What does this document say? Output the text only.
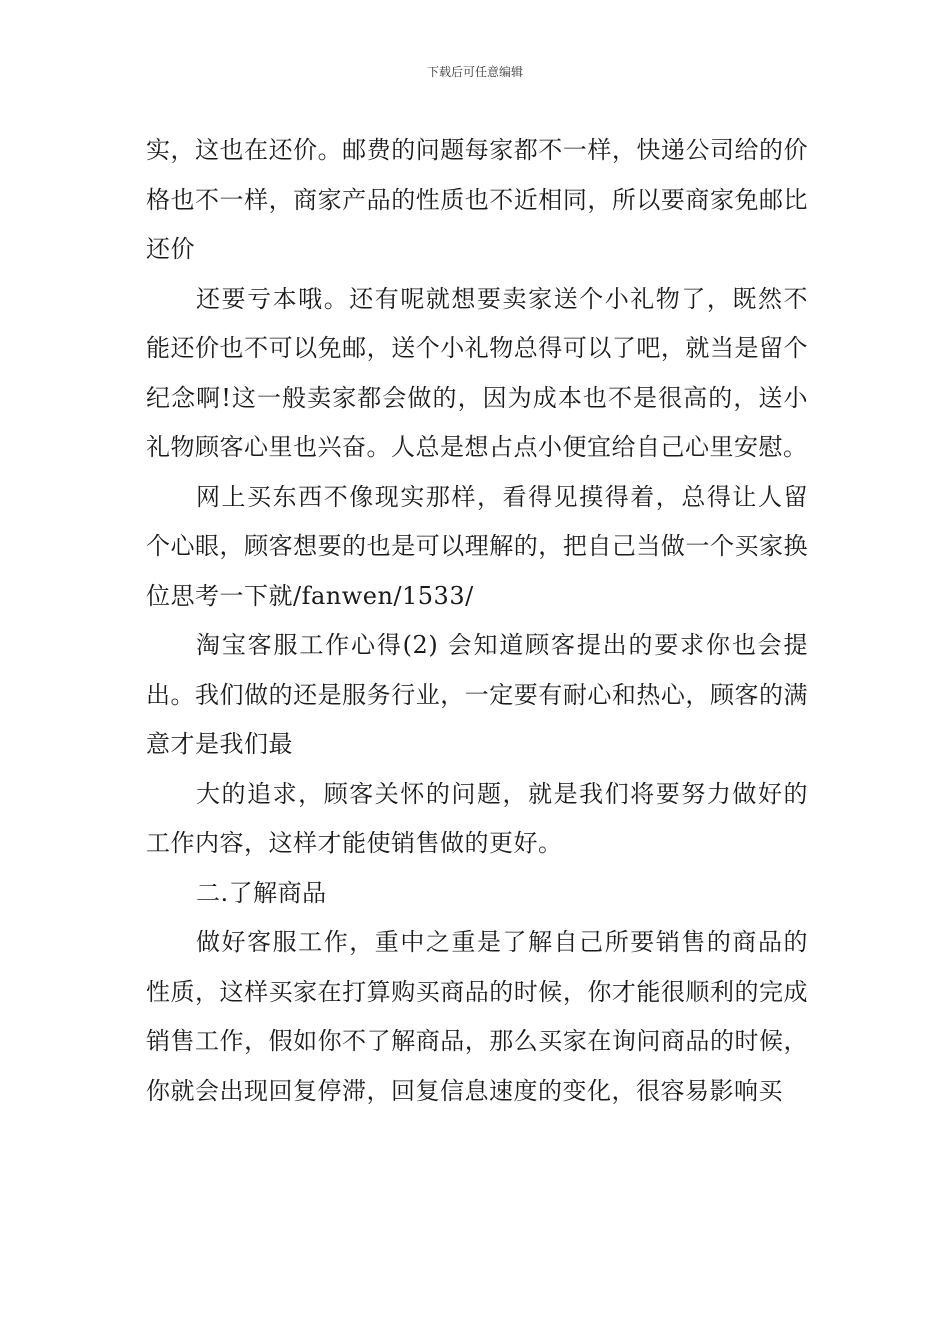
下载后可任意编辑

实，这也在还价。邮费的问题每家都不一样，快递公司给的价格也不一样，商家产品的性质也不近相同，所以要商家免邮比还价

还要亏本哦。还有呢就想要卖家送个小礼物了，既然不能还价也不可以免邮，送个小礼物总得可以了吧，就当是留个纪念啊!这一般卖家都会做的，因为成本也不是很高的，送小礼物顾客心里也兴奋。人总是想占点小便宜给自己心里安慰。

网上买东西不像现实那样，看得见摸得着，总得让人留个心眼，顾客想要的也是可以理解的，把自己当做一个买家换位思考一下就/fanwen/1533/

淘宝客服工作心得(2) 会知道顾客提出的要求你也会提出。我们做的还是服务行业，一定要有耐心和热心，顾客的满意才是我们最

大的追求，顾客关怀的问题，就是我们将要努力做好的工作内容，这样才能使销售做的更好。

二.了解商品

做好客服工作，重中之重是了解自己所要销售的商品的性质，这样买家在打算购买商品的时候，你才能很顺利的完成销售工作，假如你不了解商品，那么买家在询问商品的时候，你就会出现回复停滞，回复信息速度的变化，很容易影响买
